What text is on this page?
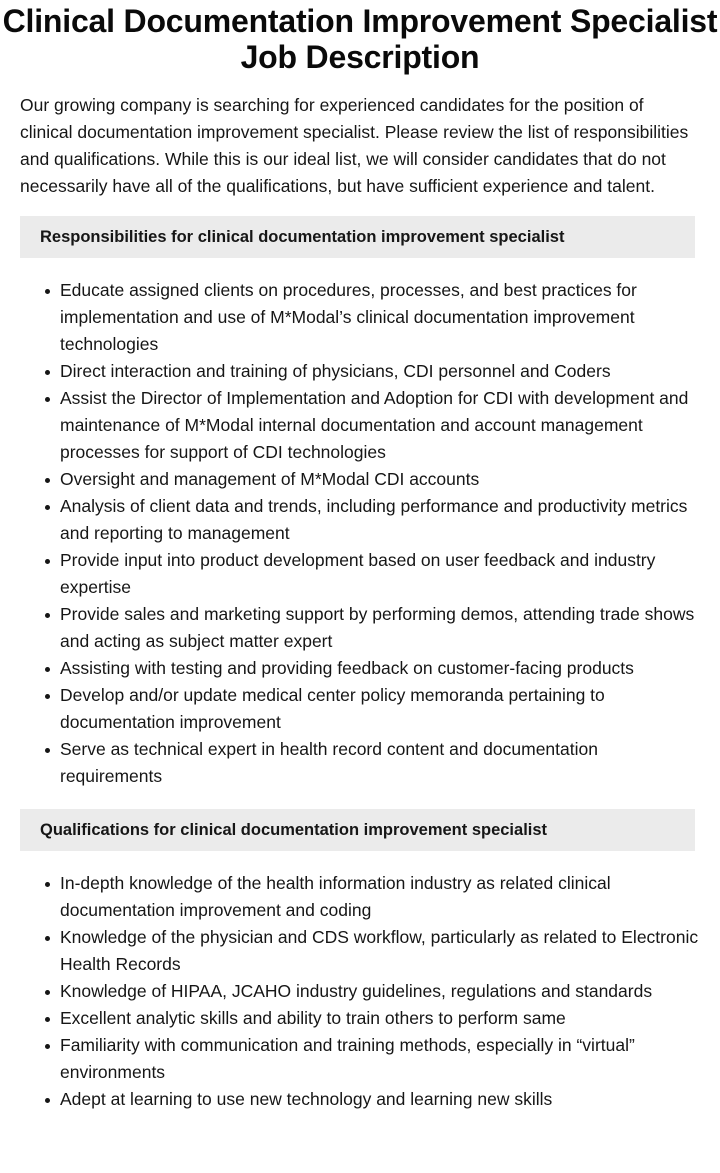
Clinical Documentation Improvement Specialist Job Description

Our growing company is searching for experienced candidates for the position of clinical documentation improvement specialist. Please review the list of responsibilities and qualifications. While this is our ideal list, we will consider candidates that do not necessarily have all of the qualifications, but have sufficient experience and talent.

Responsibilities for clinical documentation improvement specialist
Educate assigned clients on procedures, processes, and best practices for implementation and use of M*Modal’s clinical documentation improvement technologies
Direct interaction and training of physicians, CDI personnel and Coders
Assist the Director of Implementation and Adoption for CDI with development and maintenance of M*Modal internal documentation and account management processes for support of CDI technologies
Oversight and management of M*Modal CDI accounts
Analysis of client data and trends, including performance and productivity metrics and reporting to management
Provide input into product development based on user feedback and industry expertise
Provide sales and marketing support by performing demos, attending trade shows and acting as subject matter expert
Assisting with testing and providing feedback on customer-facing products
Develop and/or update medical center policy memoranda pertaining to documentation improvement
Serve as technical expert in health record content and documentation requirements
Qualifications for clinical documentation improvement specialist
In-depth knowledge of the health information industry as related clinical documentation improvement and coding
Knowledge of the physician and CDS workflow, particularly as related to Electronic Health Records
Knowledge of HIPAA, JCAHO industry guidelines, regulations and standards
Excellent analytic skills and ability to train others to perform same
Familiarity with communication and training methods, especially in “virtual” environments
Adept at learning to use new technology and learning new skills
